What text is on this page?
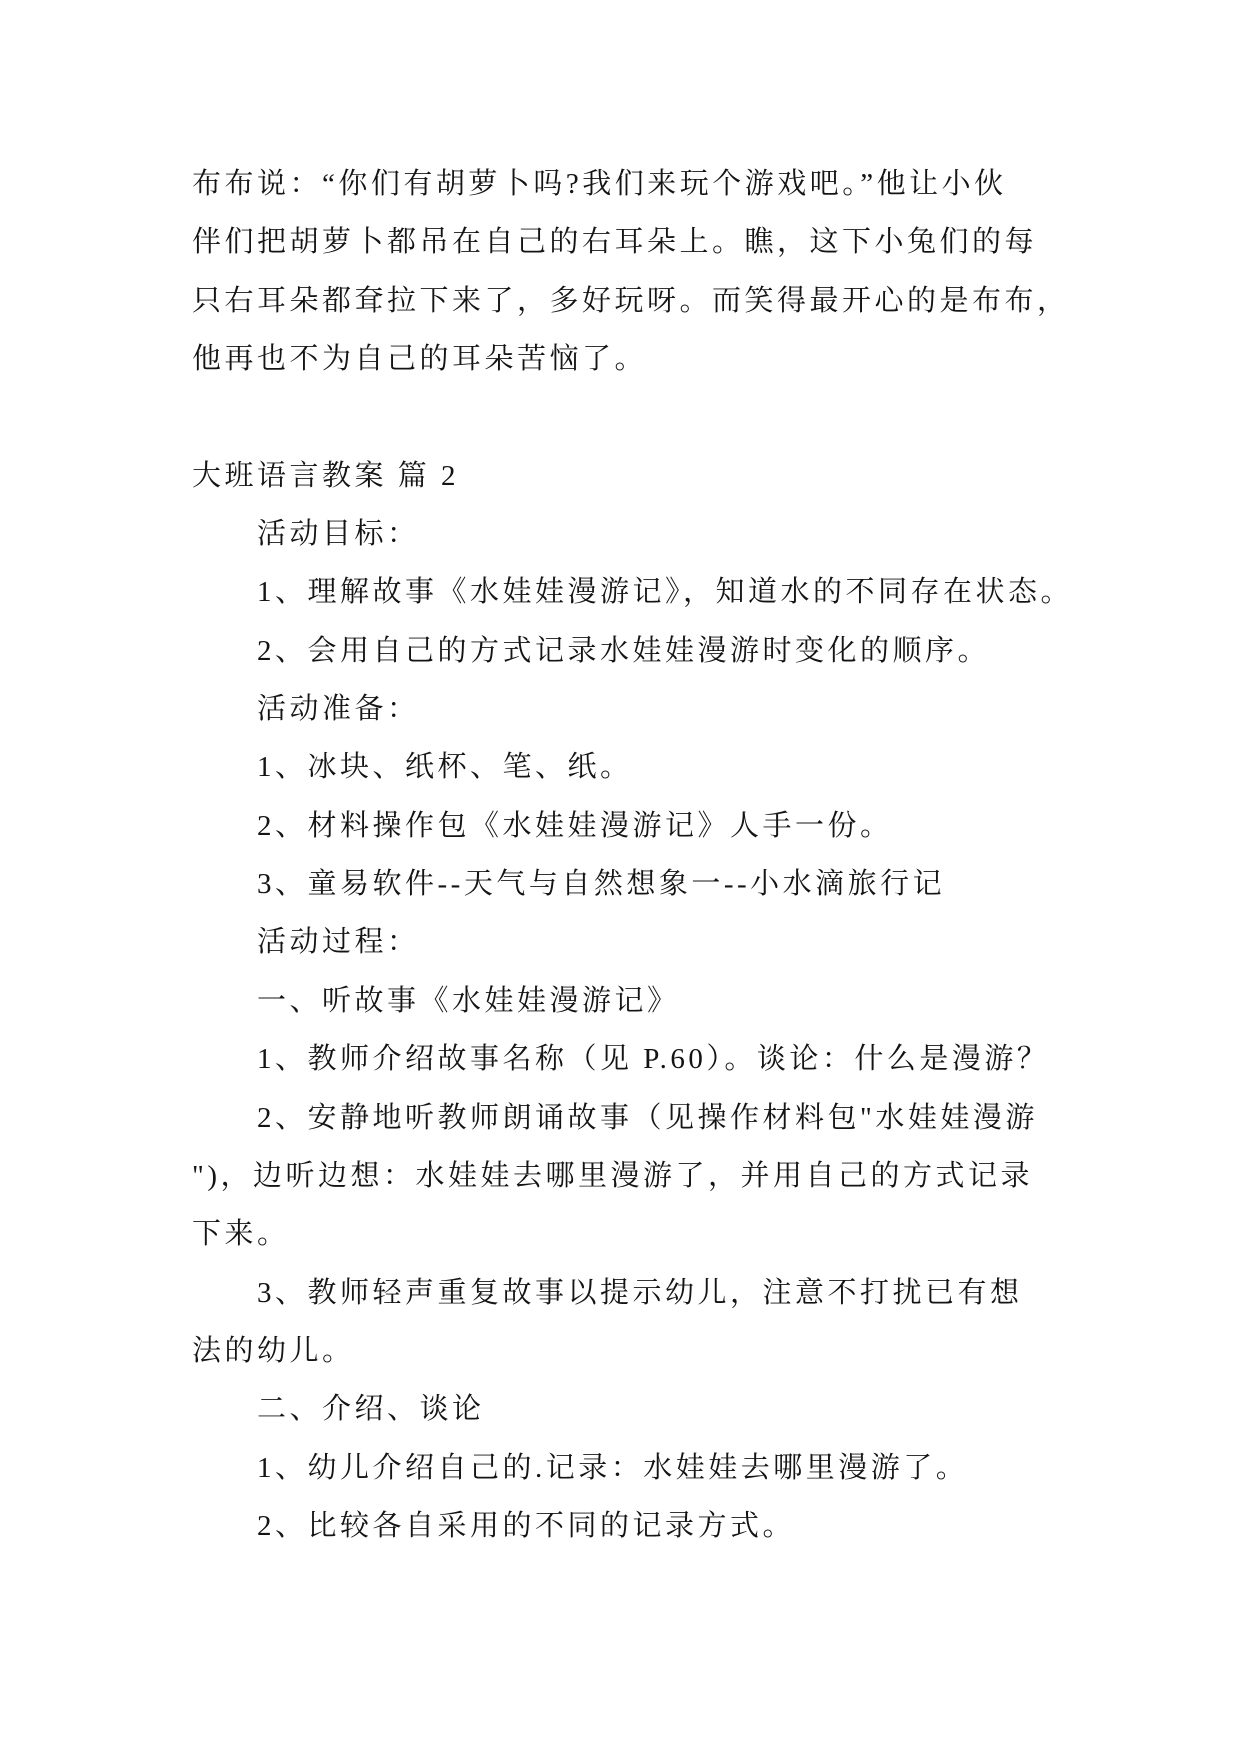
布布说：“你们有胡萝卜吗?我们来玩个游戏吧。”他让小伙
伴们把胡萝卜都吊在自己的右耳朵上。瞧，这下小兔们的每
只右耳朵都耷拉下来了，多好玩呀。而笑得最开心的是布布，
他再也不为自己的耳朵苦恼了。
大班语言教案 篇 2
活动目标：
1、理解故事《水娃娃漫游记》，知道水的不同存在状态。
2、会用自己的方式记录水娃娃漫游时变化的顺序。
活动准备：
1、冰块、纸杯、笔、纸。
2、材料操作包《水娃娃漫游记》人手一份。
3、童易软件--天气与自然想象一--小水滴旅行记
活动过程：
一、听故事《水娃娃漫游记》
1、教师介绍故事名称（见 P.60）。谈论：什么是漫游？
2、安静地听教师朗诵故事（见操作材料包"水娃娃漫游
")，边听边想：水娃娃去哪里漫游了，并用自己的方式记录
下来。
3、教师轻声重复故事以提示幼儿，注意不打扰已有想
法的幼儿。
二、介绍、谈论
1、幼儿介绍自己的.记录：水娃娃去哪里漫游了。
2、比较各自采用的不同的记录方式。
